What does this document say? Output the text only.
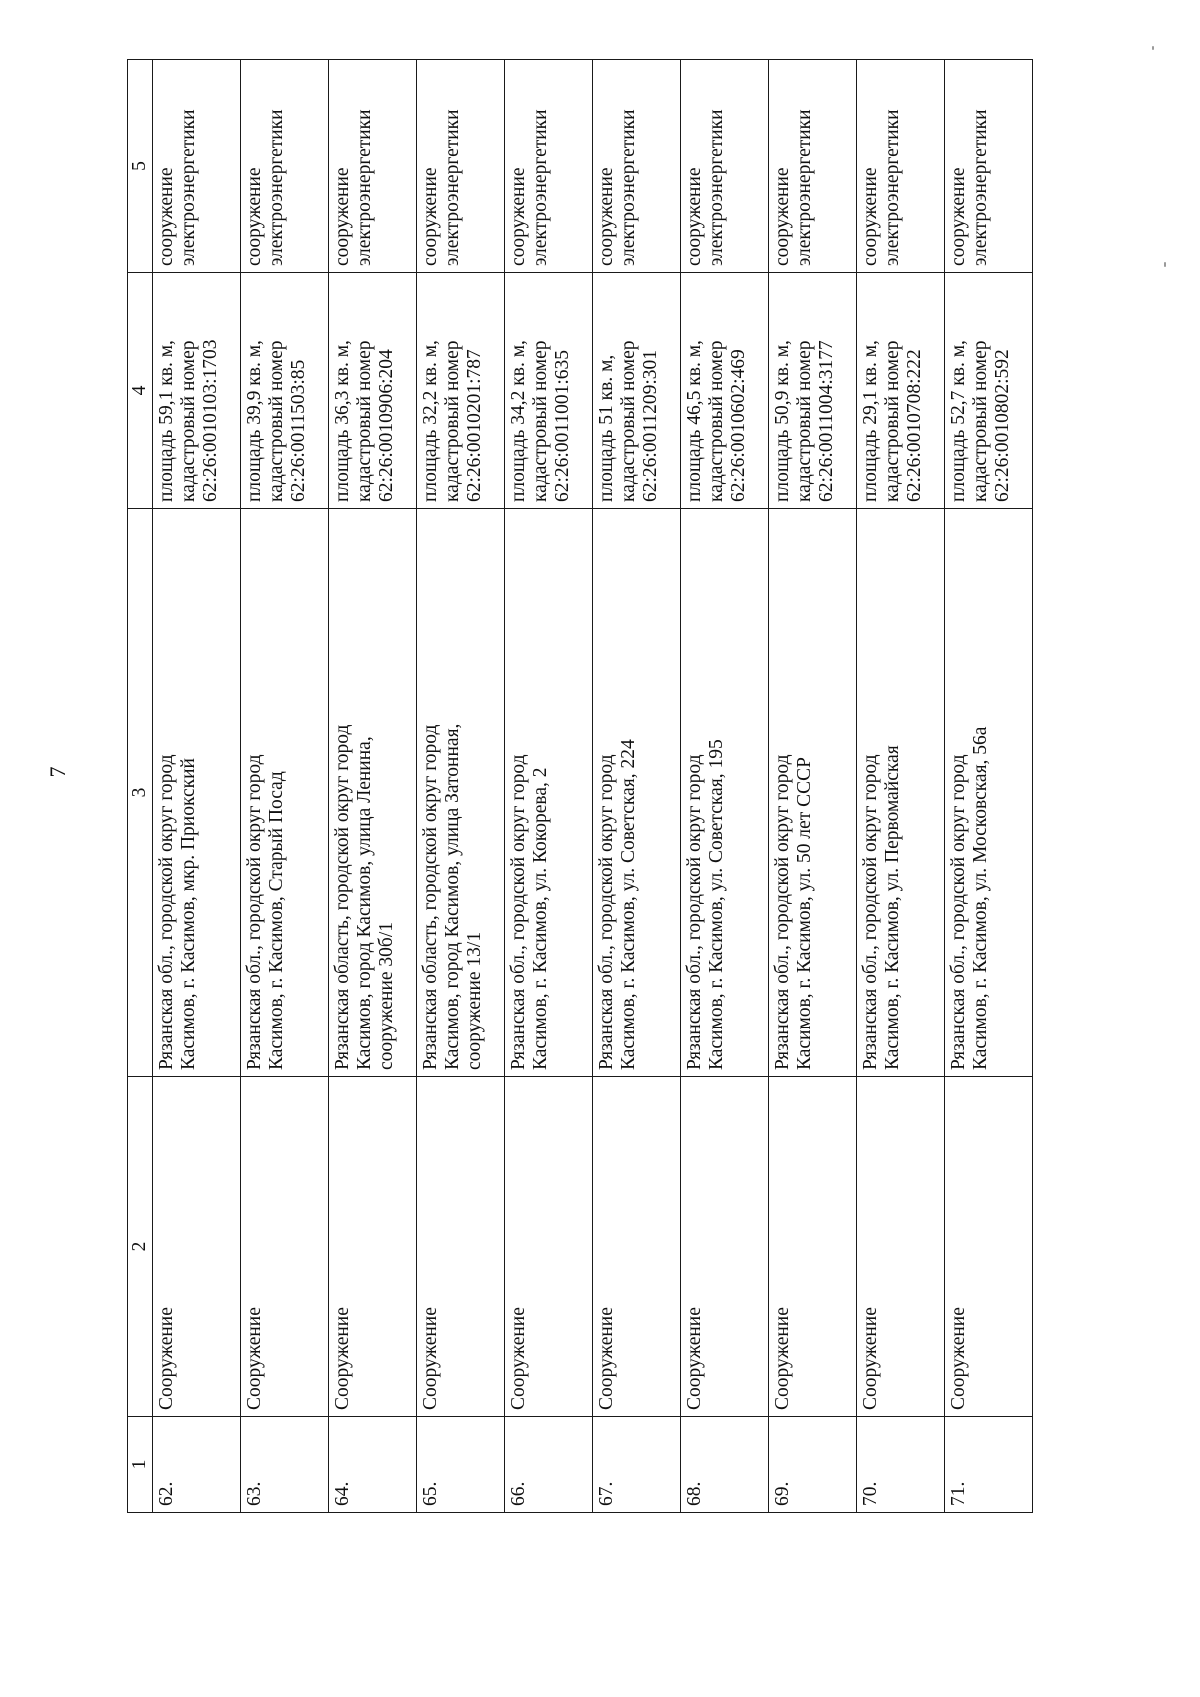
7
1	2	3	4	5
62.	Сооружение	Рязанская обл., городской округ город
Касимов, г. Касимов, мкр. Приокский	площадь 59,1 кв. м,
кадастровый номер
62:26:0010103:1703	сооружение
электроэнергетики
63.	Сооружение	Рязанская обл., городской округ город
Касимов, г. Касимов, Старый Посад	площадь 39,9 кв. м,
кадастровый номер
62:26:0011503:85	сооружение
электроэнергетики
64.	Сооружение	Рязанская область, городской округ город
Касимов, город Касимов, улица Ленина,
сооружение 30б/1	площадь 36,3 кв. м,
кадастровый номер
62:26:0010906:204	сооружение
электроэнергетики
65.	Сооружение	Рязанская область, городской округ город
Касимов, город Касимов, улица Затонная,
сооружение 13/1	площадь 32,2 кв. м,
кадастровый номер
62:26:0010201:787	сооружение
электроэнергетики
66.	Сооружение	Рязанская обл., городской округ город
Касимов, г. Касимов, ул. Кокорева, 2	площадь 34,2 кв. м,
кадастровый номер
62:26:0011001:635	сооружение
электроэнергетики
67.	Сооружение	Рязанская обл., городской округ город
Касимов, г. Касимов, ул. Советская, 224	площадь 51 кв. м,
кадастровый номер
62:26:0011209:301	сооружение
электроэнергетики
68.	Сооружение	Рязанская обл., городской округ город
Касимов, г. Касимов, ул. Советская, 195	площадь 46,5 кв. м,
кадастровый номер
62:26:0010602:469	сооружение
электроэнергетики
69.	Сооружение	Рязанская обл., городской округ город
Касимов, г. Касимов, ул. 50 лет СССР	площадь 50,9 кв. м,
кадастровый номер
62:26:0011004:3177	сооружение
электроэнергетики
70.	Сооружение	Рязанская обл., городской округ город
Касимов, г. Касимов, ул. Первомайская	площадь 29,1 кв. м,
кадастровый номер
62:26:0010708:222	сооружение
электроэнергетики
71.	Сооружение	Рязанская обл., городской округ город
Касимов, г. Касимов, ул. Московская, 56а	площадь 52,7 кв. м,
кадастровый номер
62:26:0010802:592	сооружение
электроэнергетики
